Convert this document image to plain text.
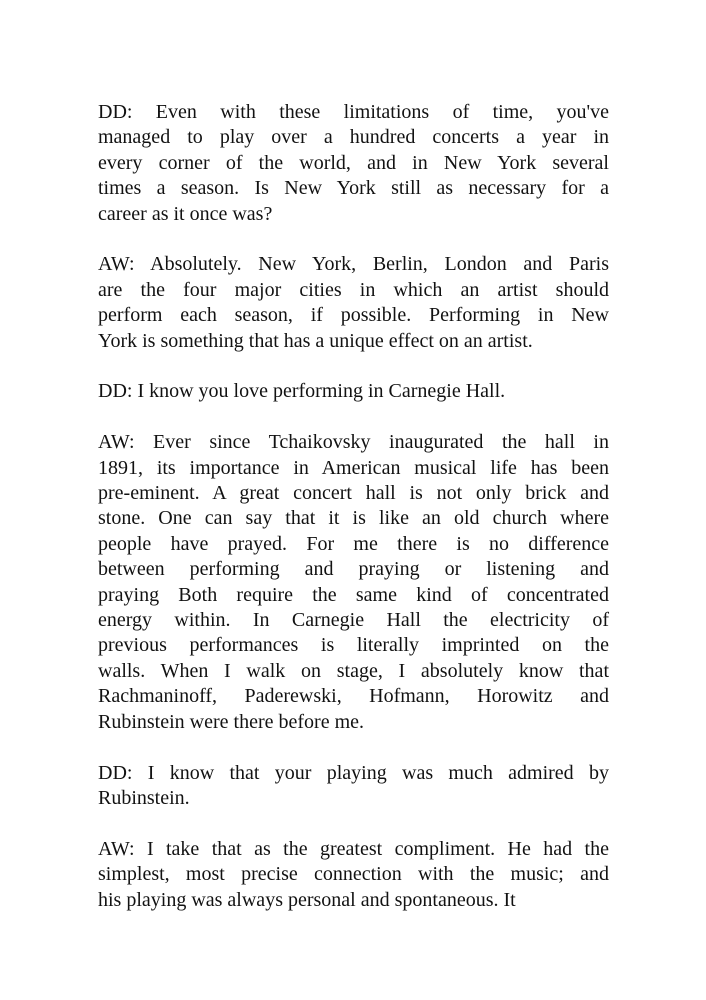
DD: Even with these limitations of time, you've
managed to play over a hundred concerts a year in
every corner of the world, and in New York several
times a season. Is New York still as necessary for a
career as it once was?
AW: Absolutely. New York, Berlin, London and Paris
are the four major cities in which an artist should
perform each season, if possible. Performing in New
York is something that has a unique effect on an artist.
DD: I know you love performing in Carnegie Hall.
AW: Ever since Tchaikovsky inaugurated the hall in
1891, its importance in American musical life has been
pre-eminent. A great concert hall is not only brick and
stone. One can say that it is like an old church where
people have prayed. For me there is no difference
between performing and praying or listening and
praying Both require the same kind of concentrated
energy within. In Carnegie Hall the electricity of
previous performances is literally imprinted on the
walls. When I walk on stage, I absolutely know that
Rachmaninoff, Paderewski, Hofmann, Horowitz and
Rubinstein were there before me.
DD: I know that your playing was much admired by
Rubinstein.
AW: I take that as the greatest compliment. He had the
simplest, most precise connection with the music; and
his playing was always personal and spontaneous. It
